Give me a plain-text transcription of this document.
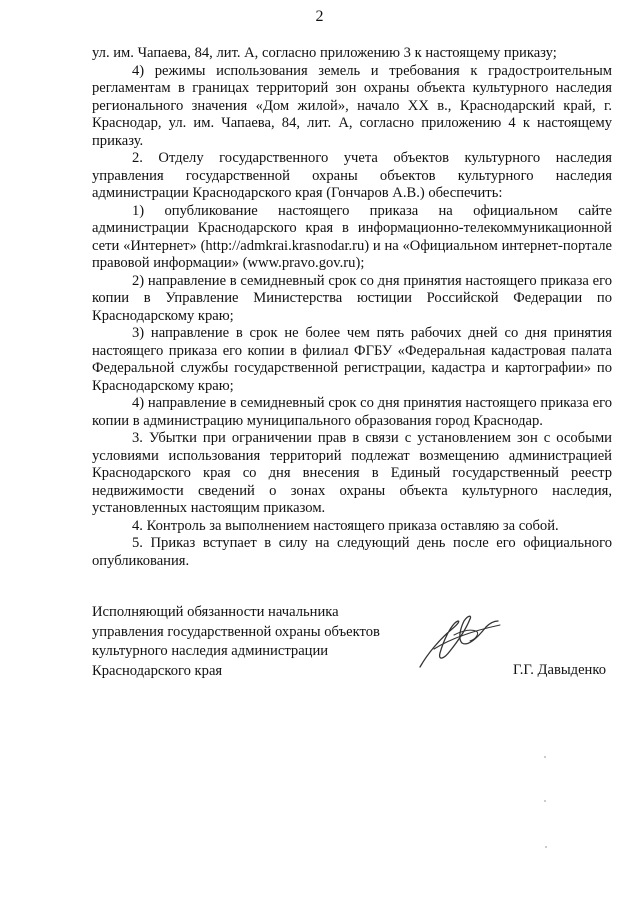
2

ул. им. Чапаева, 84, лит. А, согласно приложению 3 к настоящему приказу;

4) режимы использования земель и требования к градостроительным регламентам в границах территорий зон охраны объекта культурного наследия регионального значения «Дом жилой», начало XX в., Краснодарский край, г. Краснодар, ул. им. Чапаева, 84, лит. А, согласно приложению 4 к настоящему приказу.

2. Отделу государственного учета объектов культурного наследия управления государственной охраны объектов культурного наследия администрации Краснодарского края (Гончаров А.В.) обеспечить:

1) опубликование настоящего приказа на официальном сайте администрации Краснодарского края в информационно-телекоммуникационной сети «Интернет» (http://admkrai.krasnodar.ru) и на «Официальном интернет-портале правовой информации» (www.pravo.gov.ru);

2) направление в семидневный срок со дня принятия настоящего приказа его копии в Управление Министерства юстиции Российской Федерации по Краснодарскому краю;

3) направление в срок не более чем пять рабочих дней со дня принятия настоящего приказа его копии в филиал ФГБУ «Федеральная кадастровая палата Федеральной службы государственной регистрации, кадастра и картографии» по Краснодарскому краю;

4) направление в семидневный срок со дня принятия настоящего приказа его копии в администрацию муниципального образования город Краснодар.

3. Убытки при ограничении прав в связи с установлением зон с особыми условиями использования территорий подлежат возмещению администрацией Краснодарского края со дня внесения в Единый государственный реестр недвижимости сведений о зонах охраны объекта культурного наследия, установленных настоящим приказом.

4. Контроль за выполнением настоящего приказа оставляю за собой.

5. Приказ вступает в силу на следующий день после его официального опубликования.

Исполняющий обязанности начальника
управления государственной охраны объектов
культурного наследия администрации
Краснодарского края	Г.Г. Давыденко
